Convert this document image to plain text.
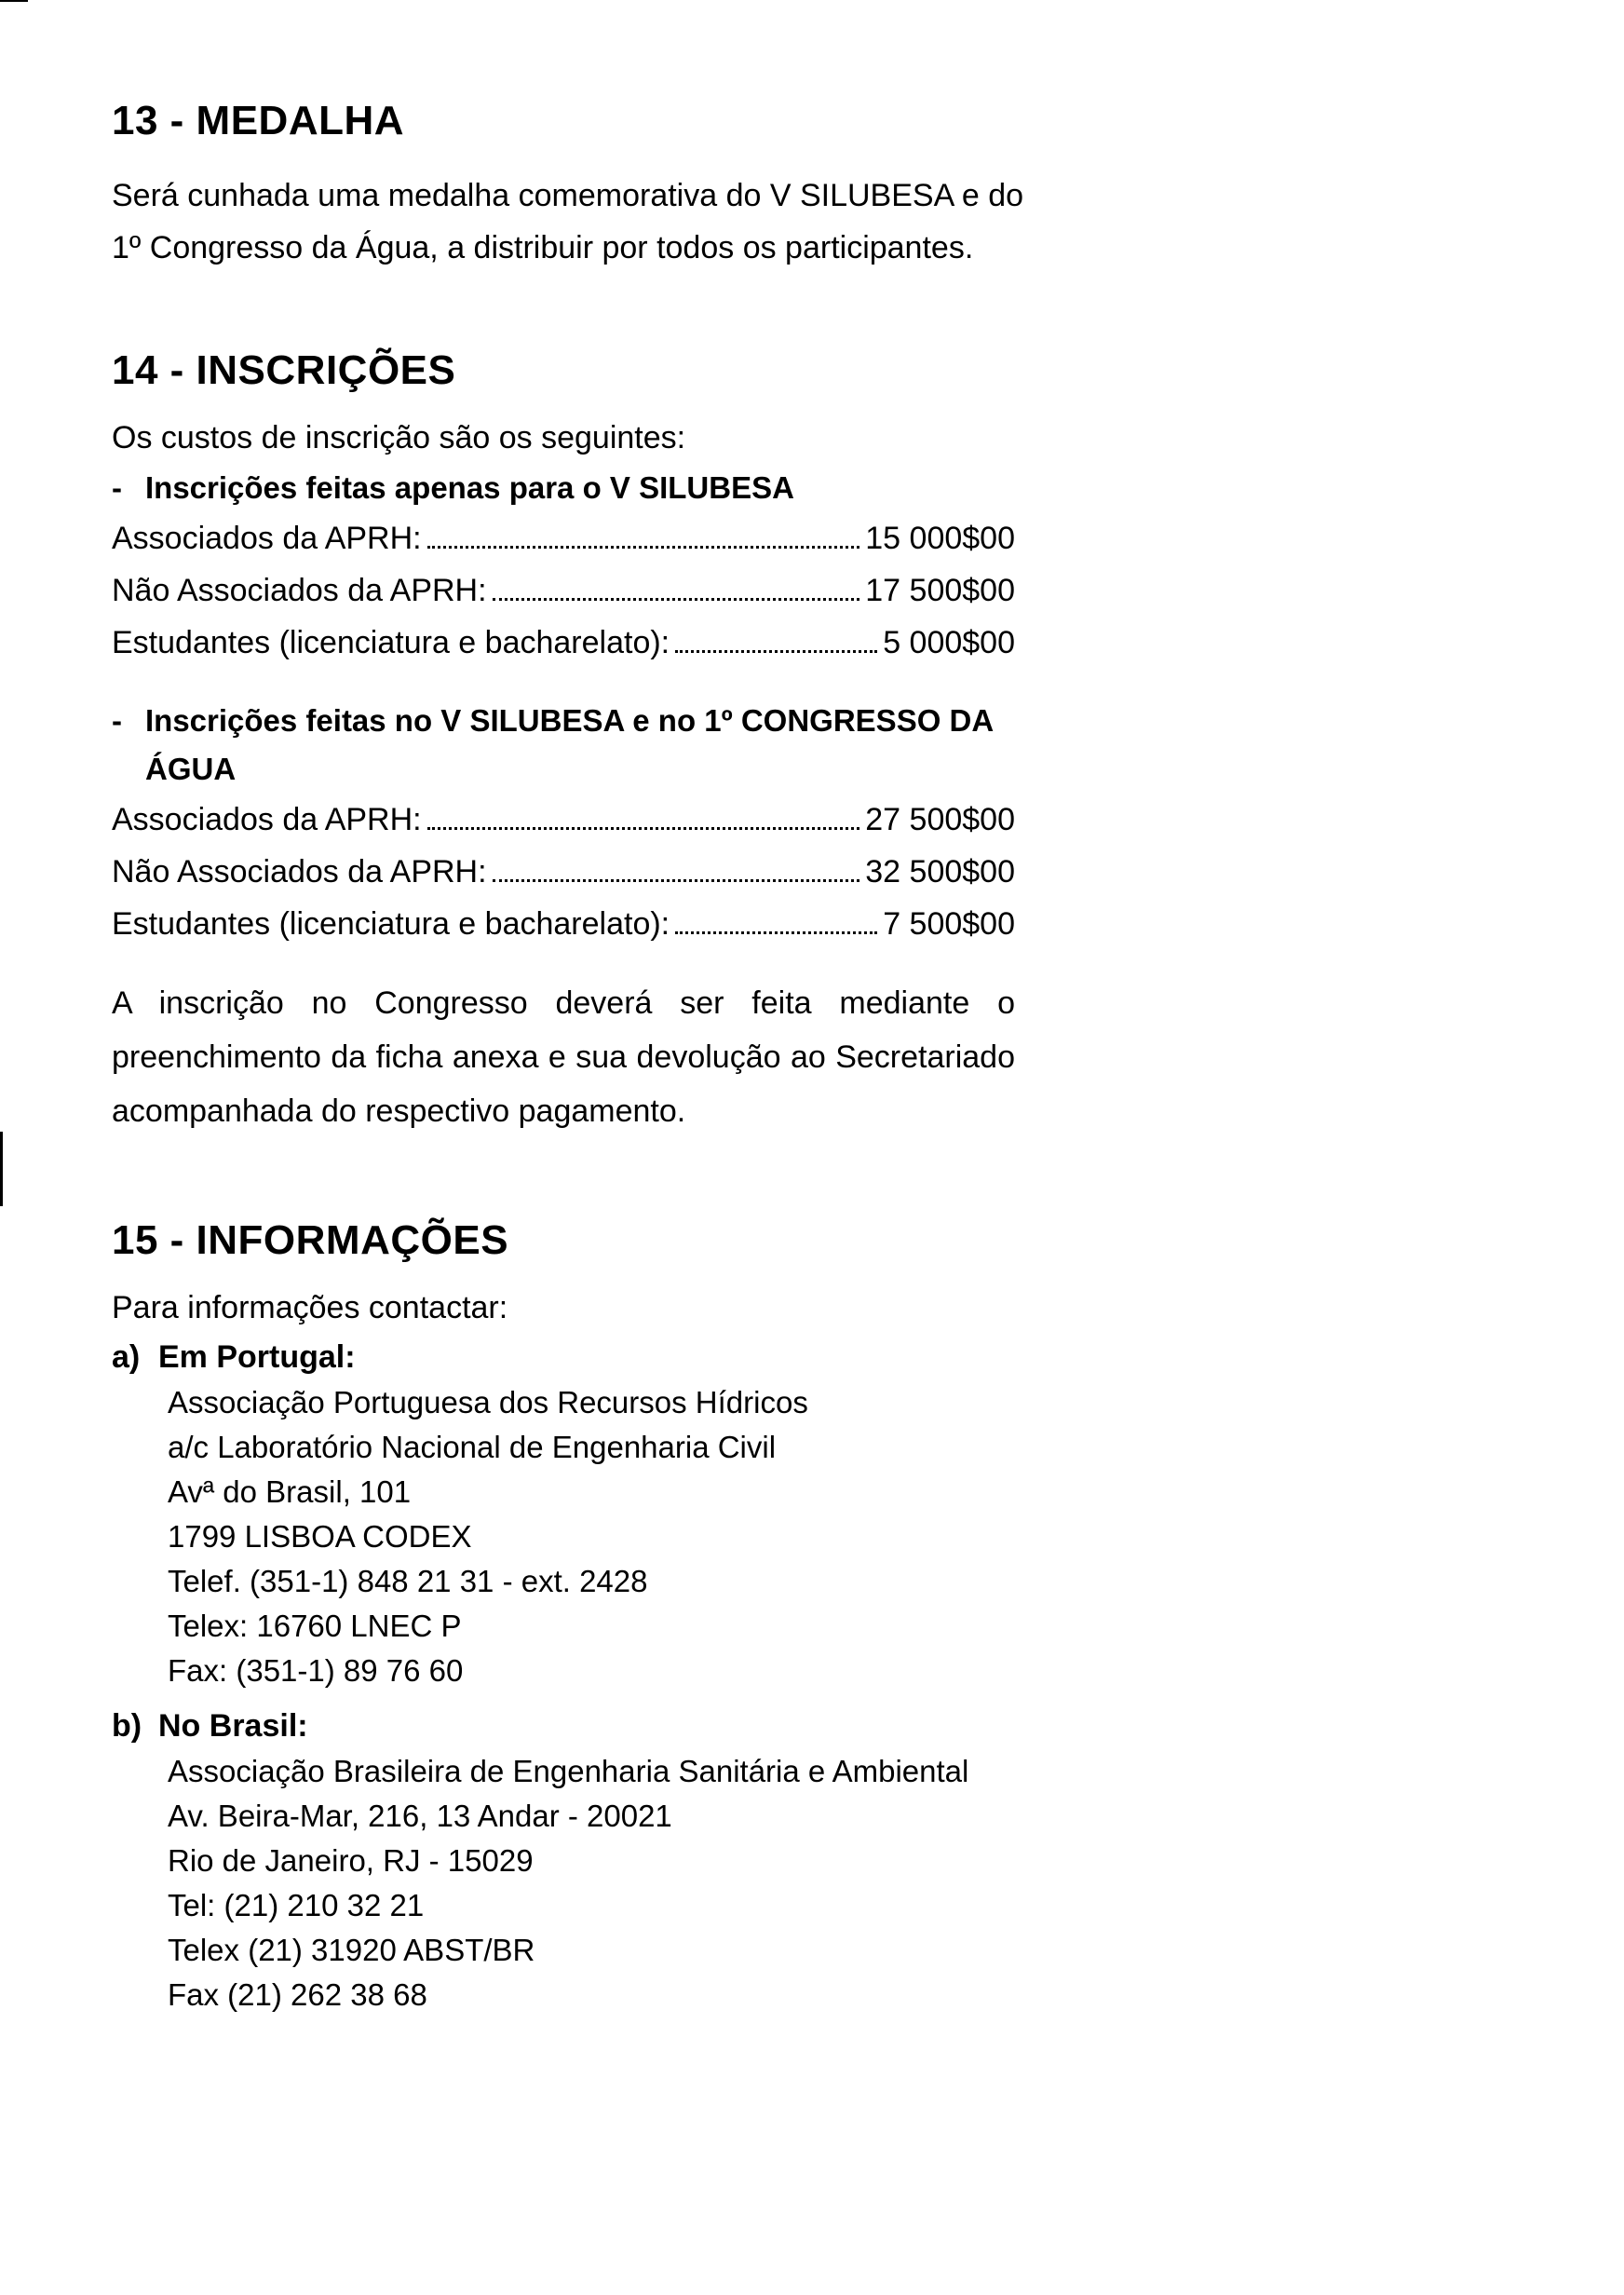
13 - MEDALHA
Será cunhada uma medalha comemorativa do V SILUBESA e do
1º Congresso da Água, a distribuir por todos os participantes.
14 - INSCRIÇÕES
Os custos de inscrição são os seguintes:
- Inscrições feitas apenas para o V SILUBESA
Associados da APRH:	15 000$00
Não Associados da APRH:	17 500$00
Estudantes (licenciatura e bacharelato):	5 000$00
- Inscrições feitas no V SILUBESA e no 1º CONGRESSO DA ÁGUA
Associados da APRH:	27 500$00
Não Associados da APRH:	32 500$00
Estudantes (licenciatura e bacharelato):	7 500$00

A inscrição no Congresso deverá ser feita mediante o preenchimento da ficha anexa e sua devolução ao Secretariado acompanhada do respectivo pagamento.

15 - INFORMAÇÕES
Para informações contactar:
a) Em Portugal:
Associação Portuguesa dos Recursos Hídricos
a/c Laboratório Nacional de Engenharia Civil
Avª do Brasil, 101
1799 LISBOA CODEX
Telef. (351-1) 848 21 31 - ext. 2428
Telex: 16760 LNEC P
Fax: (351-1) 89 76 60
b) No Brasil:
Associação Brasileira de Engenharia Sanitária e Ambiental
Av. Beira-Mar, 216, 13 Andar - 20021
Rio de Janeiro, RJ - 15029
Tel: (21) 210 32 21
Telex (21) 31920 ABST/BR
Fax (21) 262 38 68
